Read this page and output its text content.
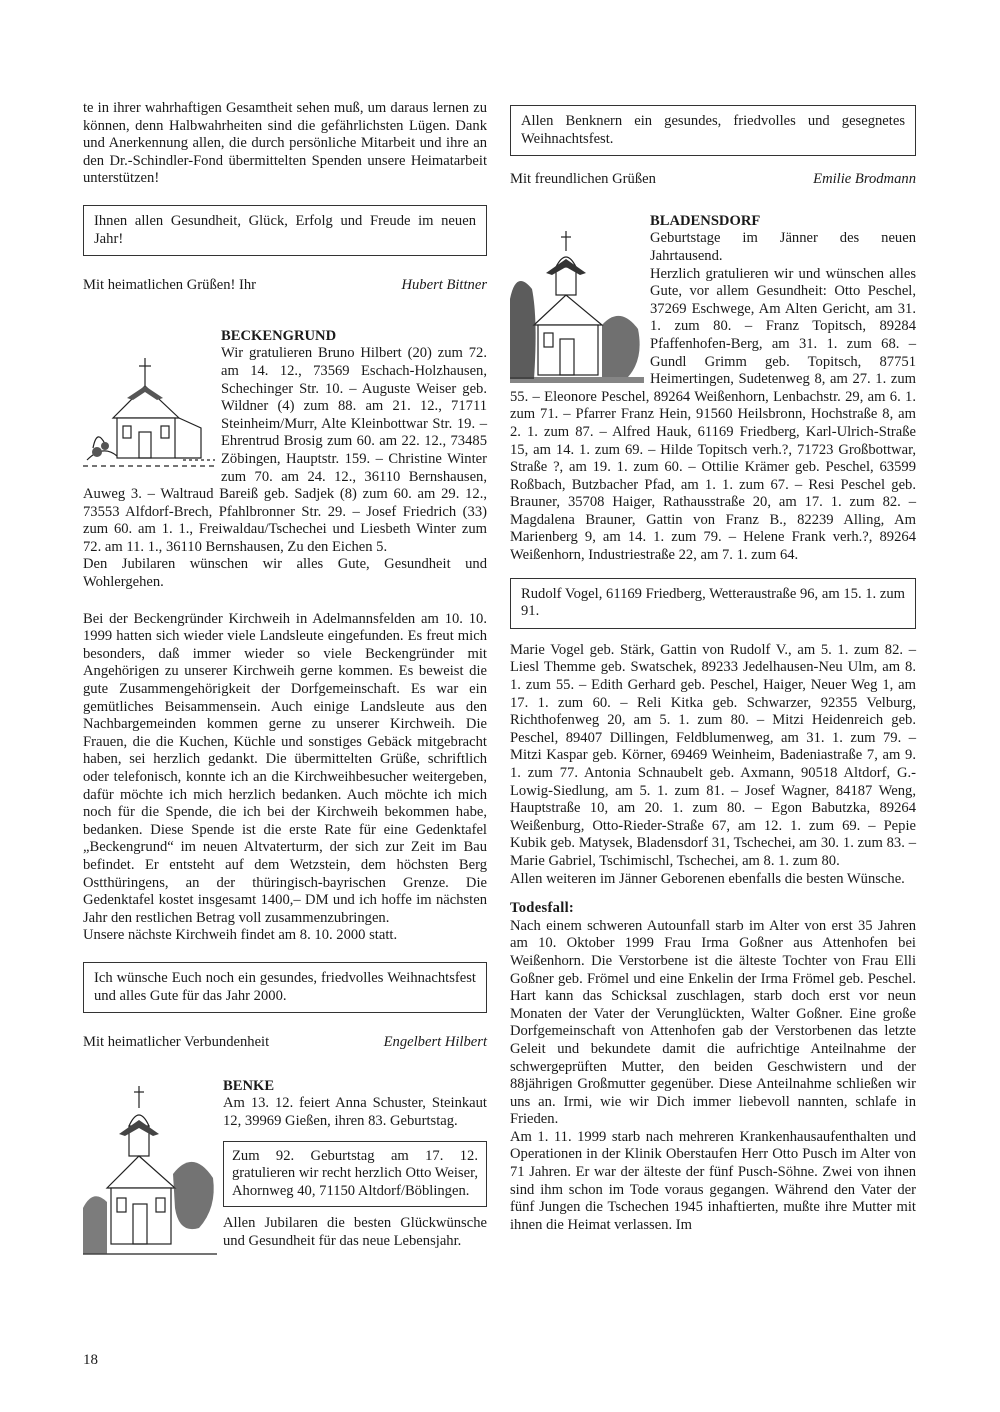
te in ihrer wahrhaftigen Gesamtheit sehen muß, um daraus lernen zu können, denn Halbwahrheiten sind die gefährlichsten Lügen. Dank und Anerkennung allen, die durch persönliche Mitarbeit und ihre an den Dr.-Schindler-Fond übermittelten Spenden unsere Heimatarbeit unterstützen!

Ihnen allen Gesundheit, Glück, Erfolg und Freude im neuen Jahr!

Mit heimatlichen Grüßen! Ihr	Hubert Bittner

BECKENGRUND

Wir gratulieren Bruno Hilbert (20) zum 72. am 14. 12., 73569 Eschach-Holzhausen, Schechinger Str. 10. – Auguste Weiser geb. Wildner (4) zum 88. am 21. 12., 71711 Steinheim/Murr, Alte Kleinbottwar Str. 19. – Ehrentrud Brosig zum 60. am 22. 12., 73485 Zöbingen, Hauptstr. 159. – Christine Winter zum 70. am 24. 12., 36110 Bernshausen, Auweg 3. – Waltraud Bareiß geb. Sadjek (8) zum 60. am 29. 12., 73553 Alfdorf-Brech, Pfahlbronner Str. 29. – Josef Friedrich (33) zum 60. am 1. 1., Freiwaldau/Tschechei und Liesbeth Winter zum 72. am 11. 1., 36110 Bernshausen, Zu den Eichen 5.

Den Jubilaren wünschen wir alles Gute, Gesundheit und Wohlergehen.

Bei der Beckengründer Kirchweih in Adelmannsfelden am 10. 10. 1999 hatten sich wieder viele Landsleute eingefunden. Es freut mich besonders, daß immer wieder so viele Beckengründer mit Angehörigen zu unserer Kirchweih gerne kommen. Es beweist die gute Zusammengehörigkeit der Dorfgemeinschaft. Es war ein gemütliches Beisammensein. Auch einige Landsleute aus den Nachbargemeinden kommen gerne zu unserer Kirchweih. Die Frauen, die die Kuchen, Küchle und sonstiges Gebäck mitgebracht haben, sei herzlich gedankt. Die übermittelten Grüße, schriftlich oder telefonisch, konnte ich an die Kirchweihbesucher weitergeben, dafür möchte ich mich herzlich bedanken. Auch möchte ich mich noch für die Spende, die ich bei der Kirchweih bekommen habe, bedanken. Diese Spende ist die erste Rate für eine Gedenktafel „Beckengrund“ im neuen Altvaterturm, der sich zur Zeit im Bau befindet. Er entsteht auf dem Wetzstein, dem höchsten Berg Ostthüringens, an der thüringisch-bayrischen Grenze. Die Gedenktafel kostet insgesamt 1400,– DM und ich hoffe im nächsten Jahr den restlichen Betrag voll zusammenzubringen.

Unsere nächste Kirchweih findet am 8. 10. 2000 statt.

Ich wünsche Euch noch ein gesundes, friedvolles Weihnachtsfest und alles Gute für das Jahr 2000.

Mit heimatlicher Verbundenheit	Engelbert Hilbert

BENKE

Am 13. 12. feiert Anna Schuster, Steinkaut 12, 39969 Gießen, ihren 83. Geburtstag.

Zum 92. Geburtstag am 17. 12. gratulieren wir recht herzlich Otto Weiser, Ahornweg 40, 71150 Altdorf/Böblingen.

Allen Jubilaren die besten Glückwünsche und Gesundheit für das neue Lebensjahr.

Allen Benknern ein gesundes, friedvolles und gesegnetes Weihnachtsfest.

Mit freundlichen Grüßen	Emilie Brodmann

BLADENSDORF

Geburtstage im Jänner des neuen Jahrtausend.

Herzlich gratulieren wir und wünschen alles Gute, vor allem Gesundheit: Otto Peschel, 37269 Eschwege, Am Alten Gericht, am 31. 1. zum 80. – Franz Topitsch, 89284 Pfaffenhofen-Berg, am 31. 1. zum 68. – Gundl Grimm geb. Topitsch, 87751 Heimertingen, Sudetenweg 8, am 27. 1. zum 55. – Eleonore Peschel, 89264 Weißenhorn, Lenbachstr. 29, am 6. 1. zum 71. – Pfarrer Franz Hein, 91560 Heilsbronn, Hochstraße 8, am 2. 1. zum 87. – Alfred Hauk, 61169 Friedberg, Karl-Ulrich-Straße 15, am 14. 1. zum 69. – Hilde Topitsch verh.?, 71723 Großbottwar, Straße ?, am 19. 1. zum 60. – Ottilie Krämer geb. Peschel, 63599 Roßbach, Butzbacher Pfad, am 1. 1. zum 67. – Resi Peschel geb. Brauner, 35708 Haiger, Rathausstraße 20, am 17. 1. zum 82. – Magdalena Brauner, Gattin von Franz B., 82239 Alling, Am Marienberg 9, am 14. 1. zum 79. – Helene Frank verh.?, 89264 Weißenhorn, Industriestraße 22, am 7. 1. zum 64.

Rudolf Vogel, 61169 Friedberg, Wetteraustraße 96, am 15. 1. zum 91.

Marie Vogel geb. Stärk, Gattin von Rudolf V., am 5. 1. zum 82. – Liesl Themme geb. Swatschek, 89233 Jedelhausen-Neu Ulm, am 8. 1. zum 55. – Edith Gerhard geb. Peschel, Haiger, Neuer Weg 1, am 17. 1. zum 60. – Reli Kitka geb. Schwarzer, 92355 Velburg, Richthofenweg 20, am 5. 1. zum 80. – Mitzi Heidenreich geb. Peschel, 89407 Dillingen, Feldblumenweg, am 31. 1. zum 79. – Mitzi Kaspar geb. Körner, 69469 Weinheim, Badeniastraße 7, am 9. 1. zum 77. Antonia Schnaubelt geb. Axmann, 90518 Altdorf, G.-Lowig-Siedlung, am 5. 1. zum 81. – Josef Wagner, 84187 Weng, Hauptstraße 10, am 20. 1. zum 80. – Egon Babutzka, 89264 Weißenburg, Otto-Rieder-Straße 67, am 12. 1. zum 69. – Pepie Kubik geb. Matysek, Bladensdorf 31, Tschechei, am 30. 1. zum 83. – Marie Gabriel, Tschimischl, Tschechei, am 8. 1. zum 80.

Allen weiteren im Jänner Geborenen ebenfalls die besten Wünsche.

Todesfall:

Nach einem schweren Autounfall starb im Alter von erst 35 Jahren am 10. Oktober 1999 Frau Irma Goßner aus Attenhofen bei Weißenhorn. Die Verstorbene ist die älteste Tochter von Frau Elli Goßner geb. Frömel und eine Enkelin der Irma Frömel geb. Peschel. Hart kann das Schicksal zuschlagen, starb doch erst vor neun Monaten der Vater der Verunglückten, Walter Goßner. Eine große Dorfgemeinschaft von Attenhofen gab der Verstorbenen das letzte Geleit und bekundete damit die aufrichtige Anteilnahme der schwergeprüften Mutter, den beiden Geschwistern und der 88jährigen Großmutter gegenüber. Diese Anteilnahme schließen wir uns an. Irmi, wie wir Dich immer liebevoll nannten, schlafe in Frieden.

Am 1. 11. 1999 starb nach mehreren Krankenhausaufenthalten und Operationen in der Klinik Oberstaufen Herr Otto Pusch im Alter von 71 Jahren. Er war der älteste der fünf Pusch-Söhne. Zwei von ihnen sind ihm schon im Tode voraus gegangen. Während den Vater der fünf Jungen die Tschechen 1945 inhaftierten, mußte ihre Mutter mit ihnen die Heimat verlassen. Im

18
